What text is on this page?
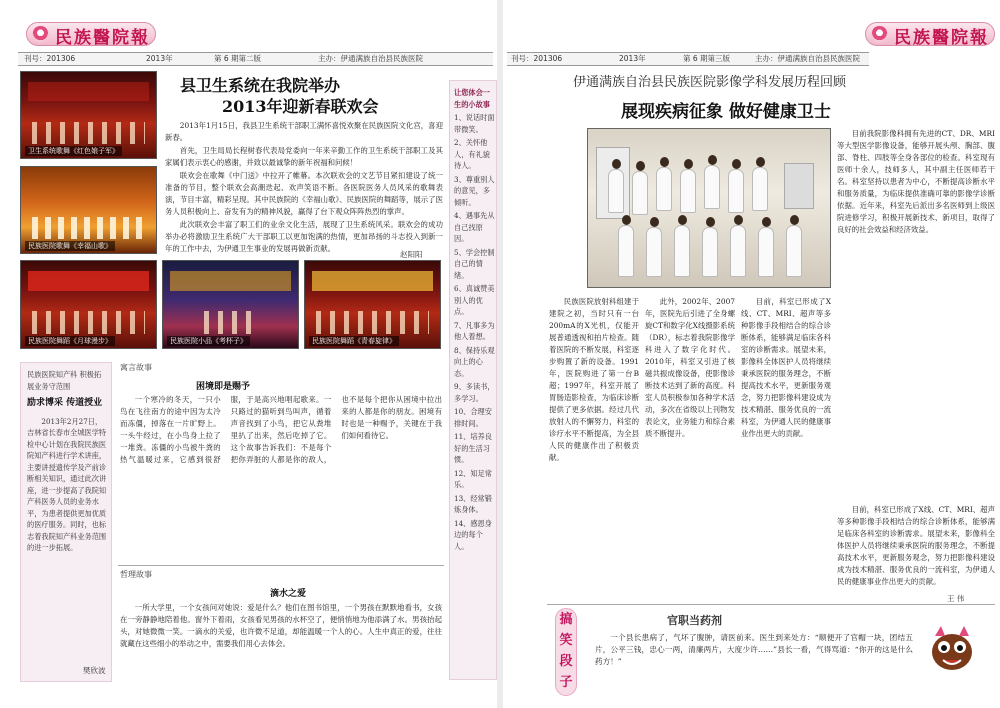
民族醫院報
刊号：201306	2013年	第 6 期第二版	主办：伊通满族自治县民族医院
卫生系统歌舞《红色娘子军》
民族医院歌舞《幸福山歌》
民族医院舞蹈《月球漫步》	民族医院小品《考杯子》	民族医院舞蹈《青春旋律》
县卫生系统在我院举办
2013年迎新春联欢会

2013年1月15日，我县卫生系统干部职工满怀喜悦欢聚在民族医院文化宫，喜迎新春。

首先，卫生局局长程树春代表局党委向一年来辛勤工作的卫生系统干部职工及其家属们表示衷心的感谢，并致以最诚挚的新年祝福和问候！

联欢会在歌舞《中门送》中拉开了帷幕。本次联欢会的文艺节目紧扣建设了统一准备的节目，整个联欢会高潮迭起、欢声笑语不断。各医院医务人员风采的歌舞表演，节目丰富，精彩呈现。其中民族院的《幸福山歌》、民族医院的舞蹈等，展示了医务人员积极向上、奋发有为的精神风貌，赢得了台下观众阵阵热烈的掌声。

此次联欢会丰富了职工们的业余文化生活，展现了卫生系统风采。联欢会的成功举办必将激励卫生系统广大干部职工以更加饱满的热情，更加昂扬的斗志投入到新一年的工作中去，为伊通卫生事业的发展再做新贡献。

赵阳阳
让您体会一生的小故事
1、说话时面带微笑。
2、关怀他人，有礼貌待人。
3、尊重别人的意见，多倾听。
4、遇事先从自己找原因。
5、学会控制自己的情绪。
6、真诚赞美别人的优点。
7、凡事多为他人着想。
8、保持乐观向上的心态。
9、多读书，多学习。
10、合理安排时间。
11、培养良好的生活习惯。
12、知足常乐。
13、经常锻炼身体。
14、感恩身边的每个人。
民族医院知产科 积极拓展业务守范围
励求博采 传道授业
2013年2月27日，吉林省长春市全城医学特检中心计划在我院民族医院知产科进行学术讲座，主要讲授遗传学及产前诊断相关知识，通过此次讲座，进一步提高了我院知产科医务人员的业务水平，为患者提供更加优质的医疗服务。同时，也标志着我院知产科业务范围的进一步拓展。
樊欣波
寓言故事
困境即是赐予

一个寒冷的冬天，一只小鸟在飞往南方的途中因为太冷而冻僵，掉落在一片旷野上。一头牛经过，在小鸟身上拉了一堆粪。冻僵的小鸟被牛粪的热气温暖过来，它感到很舒服，于是高兴地唱起歌来。一只路过的猫听到鸟叫声，循着声音找到了小鸟，把它从粪堆里扒了出来，然后吃掉了它。这个故事告诉我们：不是每个把你弄脏的人都是你的敌人，也不是每个把你从困境中拉出来的人都是你的朋友。困境有时也是一种赐予，关键在于我们如何看待它。

哲理故事
滴水之爱

一所大学里，一个女孩问对她说：爱是什么？他们在图书馆里，一个男孩在默默地看书，女孩在一旁静静地陪着他。窗外下着雨，女孩看见男孩的水杯空了，便悄悄地为他添满了水。男孩抬起头，对她微微一笑。一滴水的关爱，也许微不足道，却能温暖一个人的心。人生中真正的爱，往往就藏在这些细小的举动之中，需要我们用心去体会。

刊号：201306	2013年	第 6 期第三版	主办：伊通满族自治县民族医院
民族醫院報
伊通满族自治县民族医院影像学科发展历程回顾
展现疾病征象 做好健康卫士

目前我院影像科拥有先进的CT、DR、MRI等大型医学影像设备，能够开展头颅、胸部、腹部、脊柱、四肢等全身各部位的检查。科室现有医师十余人，技师多人，其中副主任医师若干名。科室坚持以患者为中心，不断提高诊断水平和服务质量，为临床提供准确可靠的影像学诊断依据。近年来，科室先后派出多名医师到上级医院进修学习，积极开展新技术、新项目，取得了良好的社会效益和经济效益。

民族医院放射科组建于建院之初，当时只有一台200mA的X光机，仅能开展普通透视和拍片检查。随着医院的不断发展，科室逐步购置了新的设备。1991年，医院购进了第一台B超；1997年，科室开展了胃肠造影检查，为临床诊断提供了更多依据。经过几代放射人的不懈努力，科室的诊疗水平不断提高，为全县人民的健康作出了积极贡献。

此外，2002年、2007年，医院先后引进了全身螺旋CT和数字化X线摄影系统（DR），标志着我院影像学科进入了数字化时代。2010年，科室又引进了核磁共振成像设备，使影像诊断技术达到了新的高度。科室人员积极参加各种学术活动，多次在省级以上刊物发表论文，业务能力和综合素质不断提升。

目前，科室已形成了X线、CT、MRI、超声等多种影像手段相结合的综合诊断体系，能够满足临床各科室的诊断需求。展望未来，影像科全体医护人员将继续秉承医院的服务理念，不断提高技术水平，更新服务观念，努力把影像科建设成为技术精湛、服务优良的一流科室，为伊通人民的健康事业作出更大的贡献。

目前，科室已形成了X线、CT、MRI、超声等多种影像手段相结合的综合诊断体系，能够满足临床各科室的诊断需求。展望未来，影像科全体医护人员将继续秉承医院的服务理念，不断提高技术水平，更新服务观念，努力把影像科建设成为技术精湛、服务优良的一流科室，为伊通人民的健康事业作出更大的贡献。

王 伟
搞
笑
段
子
官职当药剂

一个县长患病了，气坏了腹肿，请医前来。医生到来处方：“顺便开了官帽一块，团结五片，公平三钱，忠心一两，清廉两片，大度少许……”县长一看，气得骂道：“你开的这是什么药方！”
